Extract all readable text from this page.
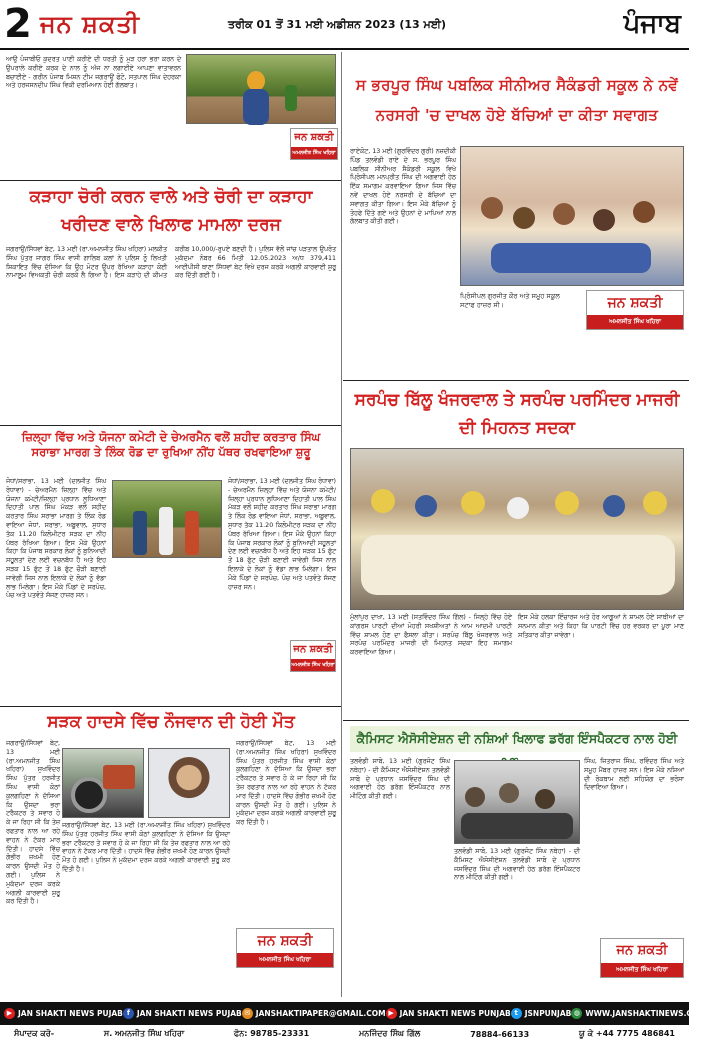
2 ਜਨ ਸ਼ਕਤੀ	ਤਰੀਕ 01 ਤੋਂ 31 ਮਈ ਅਡੀਸ਼ਨ 2023 (13 ਮਈ)	ਪੰਜਾਬ
ਆਉ ਪੰਜਾਬੀਓ ਕੁਦਰਤ ਪਾਣੀ ਕਰੀਏ ਦੀ ਧਰਤੀ ਨੂੰ ਮੁੜ ਹਰਾ ਭਰਾ ਕਰਨ ਦੇ ਉਪਰਾਲੇ ਕਰੀਏ ਕਰਕ ਦੇ ਨਾਲ ਨੂੰ ਅੱਜ ਨਾ ਲਗਾਈਏ ਆਪਣਾ ਵਾਤਾਵਰਨ ਬਚਾਈਏ - ਗਰੀਨ ਪੰਜਾਬ ਮਿਸ਼ਨ ਟੀਮ ਜਗਰਾਉਂ ਫੋਟੋ, ਸਤਪਾਲ ਸਿੰਘ ਦੇਹਰਕਾ ਅਤੇ ਹਰਜਸਨਦੀਪ ਸਿੰਘ ਵਿਕੀ ਦਰਮਿਆਨ ਹੋਈ ਗੱਲਬਾਤ।
ਜਨ ਸ਼ਕਤੀ
ਅਮਨਜੀਤ ਸਿੰਘ ਖਹਿਰਾ
ਕੜਾਹਾ ਚੋਰੀ ਕਰਨ ਵਾਲੇ ਅਤੇ ਚੋਰੀ ਦਾ ਕੜਾਹਾ ਖਰੀਦਣ ਵਾਲੇ ਖਿਲਾਫ ਮਾਮਲਾ ਦਰਜ
ਜਗਰਾਉਂ/ਸਿੱਧਵਾਂ ਬੇਟ, 13 ਮਈ (ਰਾ.ਅਮਨਜੀਤ ਸਿੰਘ ਖਹਿਰਾ) ਮਲਕੀਤ ਸਿੰਘ ਪੁੱਤਰ ਜਾਗਰ ਸਿੰਘ ਵਾਸੀ ਗਾਲਿਬ ਕਲਾਂ ਨੇ ਪੁਲਿਸ ਨੂੰ ਲਿਖਤੀ ਸ਼ਿਕਾਇਤ ਵਿੱਚ ਦੱਸਿਆ ਕਿ ਉਹ ਮੋਟਰ ਉਪਰ ਰੱਖਿਆ ਕੜਾਹਾ ਕੋਈ ਨਾਮਾਲੂਮ ਵਿਅਕਤੀ ਚੋਰੀ ਕਰਕੇ ਲੈ ਗਿਆ ਹੈ। ਇਸ ਕੜਾਹੇ ਦੀ ਕੀਮਤ ਕਰੀਬ 10,000/-ਰੁਪਏ ਬਣਦੀ ਹੈ। ਪੁਲਿਸ ਵੱਲੋਂ ਜਾਂਚ ਪੜਤਾਲ ਉਪਰੰਤ ਮੁਕੱਦਮਾ ਨੰਬਰ 66 ਮਿਤੀ 12.05.2023 ਅ/ਧ 379,411 ਆਈਪੀਸੀ ਥਾਣਾ ਸਿੱਧਵਾਂ ਬੇਟ ਵਿਖੇ ਦਰਜ ਕਰਕੇ ਅਗਲੀ ਕਾਰਵਾਈ ਸ਼ੁਰੂ ਕਰ ਦਿੱਤੀ ਗਈ ਹੈ।
ਜ਼ਿਲ੍ਹਾ ਵਿੱਚ ਅਤੇ ਯੋਜਨਾ ਕਮੇਟੀ ਦੇ ਚੇਅਰਮੈਨ ਵਲੋਂ ਸ਼ਹੀਦ ਕਰਤਾਰ ਸਿੰਘ ਸਰਾਭਾ ਮਾਰਗ ਤੇ ਲਿੰਕ ਰੋਡ ਦਾ ਰੁਖਿਆ ਨੀਂਹ ਪੱਥਰ ਰਖਵਾਇਆ ਸ਼ੁਰੂ
ਜੋਧਾਂ/ਸਰਾਭਾ, 13 ਮਈ (ਦਲਜੀਤ ਸਿੰਘ ਰੰਧਾਵਾ) - ਚੇਅਰਮੈਨ ਜ਼ਿਲ੍ਹਾ ਵਿੱਚ ਅਤੇ ਯੋਜਨਾ ਕਮੇਟੀ/ਜ਼ਿਲ੍ਹਾ ਪ੍ਰਧਾਨ ਲੁਧਿਆਣਾ ਦਿਹਾਤੀ ਪਾਲ ਸਿੰਘ ਮੱਕੜ ਵਲੋਂ ਸ਼ਹੀਦ ਕਰਤਾਰ ਸਿੰਘ ਸਰਾਭਾ ਮਾਰਗ ਤੇ ਲਿੰਕ ਰੋਡ ਵਾਇਆ ਜੋਧਾਂ, ਸਰਾਭਾ, ਅਬੂਵਾਲ, ਸੁਧਾਰ ਤੱਕ 11.20 ਕਿਲੋਮੀਟਰ ਸੜਕ ਦਾ ਨੀਂਹ ਪੱਥਰ ਰੱਖਿਆ ਗਿਆ। ਇਸ ਮੌਕੇ ਉਹਨਾਂ ਕਿਹਾ ਕਿ ਪੰਜਾਬ ਸਰਕਾਰ ਲੋਕਾਂ ਨੂੰ ਬੁਨਿਆਦੀ ਸਹੂਲਤਾਂ ਦੇਣ ਲਈ ਵਚਨਬੱਧ ਹੈ ਅਤੇ ਇਹ ਸੜਕ 15 ਫੁੱਟ ਤੋਂ 18 ਫੁੱਟ ਚੌੜੀ ਬਣਾਈ ਜਾਵੇਗੀ ਜਿਸ ਨਾਲ ਇਲਾਕੇ ਦੇ ਲੋਕਾਂ ਨੂੰ ਵੱਡਾ ਲਾਭ ਮਿਲੇਗਾ। ਇਸ ਮੌਕੇ ਪਿੰਡਾਂ ਦੇ ਸਰਪੰਚ, ਪੰਚ ਅਤੇ ਪਤਵੰਤੇ ਸੱਜਣ ਹਾਜ਼ਰ ਸਨ।
ਜੋਧਾਂ/ਸਰਾਭਾ, 13 ਮਈ (ਦਲਜੀਤ ਸਿੰਘ ਰੰਧਾਵਾ) - ਚੇਅਰਮੈਨ ਜ਼ਿਲ੍ਹਾ ਵਿੱਚ ਅਤੇ ਯੋਜਨਾ ਕਮੇਟੀ/ਜ਼ਿਲ੍ਹਾ ਪ੍ਰਧਾਨ ਲੁਧਿਆਣਾ ਦਿਹਾਤੀ ਪਾਲ ਸਿੰਘ ਮੱਕੜ ਵਲੋਂ ਸ਼ਹੀਦ ਕਰਤਾਰ ਸਿੰਘ ਸਰਾਭਾ ਮਾਰਗ ਤੇ ਲਿੰਕ ਰੋਡ ਵਾਇਆ ਜੋਧਾਂ, ਸਰਾਭਾ, ਅਬੂਵਾਲ, ਸੁਧਾਰ ਤੱਕ 11.20 ਕਿਲੋਮੀਟਰ ਸੜਕ ਦਾ ਨੀਂਹ ਪੱਥਰ ਰੱਖਿਆ ਗਿਆ। ਇਸ ਮੌਕੇ ਉਹਨਾਂ ਕਿਹਾ ਕਿ ਪੰਜਾਬ ਸਰਕਾਰ ਲੋਕਾਂ ਨੂੰ ਬੁਨਿਆਦੀ ਸਹੂਲਤਾਂ ਦੇਣ ਲਈ ਵਚਨਬੱਧ ਹੈ ਅਤੇ ਇਹ ਸੜਕ 15 ਫੁੱਟ ਤੋਂ 18 ਫੁੱਟ ਚੌੜੀ ਬਣਾਈ ਜਾਵੇਗੀ ਜਿਸ ਨਾਲ ਇਲਾਕੇ ਦੇ ਲੋਕਾਂ ਨੂੰ ਵੱਡਾ ਲਾਭ ਮਿਲੇਗਾ। ਇਸ ਮੌਕੇ ਪਿੰਡਾਂ ਦੇ ਸਰਪੰਚ, ਪੰਚ ਅਤੇ ਪਤਵੰਤੇ ਸੱਜਣ ਹਾਜ਼ਰ ਸਨ।
ਜਨ ਸ਼ਕਤੀ
ਅਮਨਜੀਤ ਸਿੰਘ ਖਹਿਰਾ
ਸੜਕ ਹਾਦਸੇ ਵਿੱਚ ਨੌਜਵਾਨ ਦੀ ਹੋਈ ਮੌਤ
ਜਗਰਾਉਂ/ਸਿੱਧਵਾਂ ਬੇਟ, 13 ਮਈ (ਰਾ.ਅਮਨਜੀਤ ਸਿੰਘ ਖਹਿਰਾ) ਸੁਖਵਿੰਦਰ ਸਿੰਘ ਪੁੱਤਰ ਹਰਜੀਤ ਸਿੰਘ ਵਾਸੀ ਕੋਠਾਂ ਕੁਲਗਹਿਣਾ ਨੇ ਦੱਸਿਆ ਕਿ ਉਸਦਾ ਭਰਾ ਟਰੈਕਟਰ ਤੇ ਸਵਾਰ ਹੋ ਕੇ ਜਾ ਰਿਹਾ ਸੀ ਕਿ ਤੇਜ਼ ਰਫਤਾਰ ਨਾਲ ਆ ਰਹੇ ਵਾਹਨ ਨੇ ਟੱਕਰ ਮਾਰ ਦਿੱਤੀ। ਹਾਦਸੇ ਵਿੱਚ ਗੰਭੀਰ ਜ਼ਖਮੀ ਹੋਣ ਕਾਰਨ ਉਸਦੀ ਮੌਤ ਹੋ ਗਈ। ਪੁਲਿਸ ਨੇ ਮੁਕੱਦਮਾ ਦਰਜ ਕਰਕੇ ਅਗਲੀ ਕਾਰਵਾਈ ਸ਼ੁਰੂ ਕਰ ਦਿੱਤੀ ਹੈ।
ਜਗਰਾਉਂ/ਸਿੱਧਵਾਂ ਬੇਟ, 13 ਮਈ (ਰਾ.ਅਮਨਜੀਤ ਸਿੰਘ ਖਹਿਰਾ) ਸੁਖਵਿੰਦਰ ਸਿੰਘ ਪੁੱਤਰ ਹਰਜੀਤ ਸਿੰਘ ਵਾਸੀ ਕੋਠਾਂ ਕੁਲਗਹਿਣਾ ਨੇ ਦੱਸਿਆ ਕਿ ਉਸਦਾ ਭਰਾ ਟਰੈਕਟਰ ਤੇ ਸਵਾਰ ਹੋ ਕੇ ਜਾ ਰਿਹਾ ਸੀ ਕਿ ਤੇਜ਼ ਰਫਤਾਰ ਨਾਲ ਆ ਰਹੇ ਵਾਹਨ ਨੇ ਟੱਕਰ ਮਾਰ ਦਿੱਤੀ। ਹਾਦਸੇ ਵਿੱਚ ਗੰਭੀਰ ਜ਼ਖਮੀ ਹੋਣ ਕਾਰਨ ਉਸਦੀ ਮੌਤ ਹੋ ਗਈ। ਪੁਲਿਸ ਨੇ ਮੁਕੱਦਮਾ ਦਰਜ ਕਰਕੇ ਅਗਲੀ ਕਾਰਵਾਈ ਸ਼ੁਰੂ ਕਰ ਦਿੱਤੀ ਹੈ।
ਜਗਰਾਉਂ/ਸਿੱਧਵਾਂ ਬੇਟ, 13 ਮਈ (ਰਾ.ਅਮਨਜੀਤ ਸਿੰਘ ਖਹਿਰਾ) ਸੁਖਵਿੰਦਰ ਸਿੰਘ ਪੁੱਤਰ ਹਰਜੀਤ ਸਿੰਘ ਵਾਸੀ ਕੋਠਾਂ ਕੁਲਗਹਿਣਾ ਨੇ ਦੱਸਿਆ ਕਿ ਉਸਦਾ ਭਰਾ ਟਰੈਕਟਰ ਤੇ ਸਵਾਰ ਹੋ ਕੇ ਜਾ ਰਿਹਾ ਸੀ ਕਿ ਤੇਜ਼ ਰਫਤਾਰ ਨਾਲ ਆ ਰਹੇ ਵਾਹਨ ਨੇ ਟੱਕਰ ਮਾਰ ਦਿੱਤੀ। ਹਾਦਸੇ ਵਿੱਚ ਗੰਭੀਰ ਜ਼ਖਮੀ ਹੋਣ ਕਾਰਨ ਉਸਦੀ ਮੌਤ ਹੋ ਗਈ। ਪੁਲਿਸ ਨੇ ਮੁਕੱਦਮਾ ਦਰਜ ਕਰਕੇ ਅਗਲੀ ਕਾਰਵਾਈ ਸ਼ੁਰੂ ਕਰ ਦਿੱਤੀ ਹੈ।
ਜਨ ਸ਼ਕਤੀ
ਅਮਨਜੀਤ ਸਿੰਘ ਖਹਿਰਾ
ਸ ਭਰਪੂਰ ਸਿੰਘ ਪਬਲਿਕ ਸੀਨੀਅਰ ਸੈਕੰਡਰੀ ਸਕੂਲ ਨੇ ਨਵੇਂ ਨਰਸਰੀ 'ਚ ਦਾਖਲ ਹੋਏ ਬੱਚਿਆਂ ਦਾ ਕੀਤਾ ਸਵਾਗਤ
ਰਾਏਕੋਟ, 13 ਮਈ (ਗੁਰਵਿੰਦਰ ਗੁਰੀ) ਨਜ਼ਦੀਕੀ ਪਿੰਡ ਤਲਵੰਡੀ ਰਾਏ ਦੇ ਸ. ਭਰਪੂਰ ਸਿੰਘ ਪਬਲਿਕ ਸੀਨੀਅਰ ਸੈਕੰਡਰੀ ਸਕੂਲ ਵਿਖੇ ਪ੍ਰਿੰਸੀਪਲ ਮਨਪ੍ਰੀਤ ਸਿੰਘ ਦੀ ਅਗਵਾਈ ਹੇਠ ਇੱਕ ਸਮਾਗਮ ਕਰਵਾਇਆ ਗਿਆ ਜਿਸ ਵਿੱਚ ਨਵੇਂ ਦਾਖਲ ਹੋਏ ਨਰਸਰੀ ਦੇ ਬੱਚਿਆਂ ਦਾ ਸਵਾਗਤ ਕੀਤਾ ਗਿਆ। ਇਸ ਮੌਕੇ ਬੱਚਿਆਂ ਨੂੰ ਤੋਹਫੇ ਦਿੱਤੇ ਗਏ ਅਤੇ ਉਹਨਾਂ ਦੇ ਮਾਪਿਆਂ ਨਾਲ ਗੱਲਬਾਤ ਕੀਤੀ ਗਈ।
ਪ੍ਰਿੰਸੀਪਲ ਗੁਰਜੀਤ ਕੌਰ ਅਤੇ ਸਮੂਹ ਸਕੂਲ ਸਟਾਫ ਹਾਜ਼ਰ ਸੀ।	ਜਨ ਸ਼ਕਤੀ
ਅਮਨਜੀਤ ਸਿੰਘ ਖਹਿਰਾ
ਸਰਪੰਚ ਬਿੱਲੂ ਖੰਜਰਵਾਲ ਤੇ ਸਰਪੰਚ ਪਰਮਿੰਦਰ ਮਾਜਰੀ ਦੀ ਮਿਹਨਤ ਸਦਕਾ
ਮੁੱਲਾਂਪੁਰ ਦਾਖਾ, 13 ਮਈ (ਸਤਵਿੰਦਰ ਸਿੰਘ ਗਿੱਲ) - ਜਿਲ੍ਹੇ ਵਿੱਚ ਹੋਏ ਕਾਂਗਰਸ ਪਾਰਟੀ ਦੀਆਂ ਮੋਹਰੀ ਸਖਸ਼ੀਅਤਾਂ ਨੇ ਆਮ ਆਦਮੀ ਪਾਰਟੀ ਵਿੱਚ ਸ਼ਾਮਲ ਹੋਣ ਦਾ ਫੈਸਲਾ ਕੀਤਾ। ਸਰਪੰਚ ਬਿੱਲੂ ਖੰਜਰਵਾਲ ਅਤੇ ਸਰਪੰਚ ਪਰਮਿੰਦਰ ਮਾਜਰੀ ਦੀ ਮਿਹਨਤ ਸਦਕਾ ਇਹ ਸਮਾਗਮ ਕਰਵਾਇਆ ਗਿਆ।
ਇਸ ਮੌਕੇ ਹਲਕਾ ਇੰਚਾਰਜ ਅਤੇ ਹੋਰ ਆਗੂਆਂ ਨੇ ਸ਼ਾਮਲ ਹੋਏ ਸਾਥੀਆਂ ਦਾ ਸਨਮਾਨ ਕੀਤਾ ਅਤੇ ਕਿਹਾ ਕਿ ਪਾਰਟੀ ਵਿੱਚ ਹਰ ਵਰਕਰ ਦਾ ਪੂਰਾ ਮਾਣ ਸਤਿਕਾਰ ਕੀਤਾ ਜਾਵੇਗਾ।
ਕੈਮਿਸਟ ਐਸੋਸੀਏਸ਼ਨ ਦੀ ਨਸ਼ਿਆਂ ਖਿਲਾਫ ਡਰੱਗ ਇੰਸਪੈਕਟਰ ਨਾਲ ਹੋਈ
ਤਲਵੰਡੀ ਸਾਬੋ, 13 ਮਈ (ਗੁਰਜੰਟ ਸਿੰਘ ਨਥੇਹਾ) - ਦੀ ਕੈਮਿਸਟ ਐਸੋਸੀਏਸ਼ਨ ਤਲਵੰਡੀ ਸਾਬੋ ਦੇ ਪ੍ਰਧਾਨ ਜਸਵਿੰਦਰ ਸਿੰਘ ਦੀ ਅਗਵਾਈ ਹੇਠ ਡਰੱਗ ਇੰਸਪੈਕਟਰ ਨਾਲ ਮੀਟਿੰਗ ਕੀਤੀ ਗਈ।
ਤਲਵੰਡੀ ਸਾਬੋ, 13 ਮਈ (ਗੁਰਜੰਟ ਸਿੰਘ ਨਥੇਹਾ) - ਦੀ ਕੈਮਿਸਟ ਐਸੋਸੀਏਸ਼ਨ ਤਲਵੰਡੀ ਸਾਬੋ ਦੇ ਪ੍ਰਧਾਨ ਜਸਵਿੰਦਰ ਸਿੰਘ ਦੀ ਅਗਵਾਈ ਹੇਠ ਡਰੱਗ ਇੰਸਪੈਕਟਰ ਨਾਲ ਮੀਟਿੰਗ ਕੀਤੀ ਗਈ।
ਸਿੰਘ, ਜਿਤਰਾਜ ਸਿੰਘ, ਰਵਿੰਦਰ ਸਿੰਘ ਅਤੇ ਸਮੂਹ ਮੈਂਬਰ ਹਾਜ਼ਰ ਸਨ। ਇਸ ਮੌਕੇ ਨਸ਼ਿਆਂ ਦੀ ਰੋਕਥਾਮ ਲਈ ਸਹਿਯੋਗ ਦਾ ਭਰੋਸਾ ਦਿਵਾਇਆ ਗਿਆ।
ਜਨ ਸ਼ਕਤੀ
ਅਮਨਜੀਤ ਸਿੰਘ ਖਹਿਰਾ
▶ JAN SHAKTI NEWS PUJAB f JAN SHAKTI NEWS PUJAB ✉ JANSHAKTIPAPER@GMAIL.COM ▶ JAN SHAKTI NEWS PUNJAB t JSNPUNJAB ◍ WWW.JANSHAKTINEWS.COM
ਸੰਪਾਦਕ ਕਰੋ-	ਸ. ਅਮਨਜੀਤ ਸਿੰਘ ਖਹਿਰਾ	ਫੋਨ: 98785-23331	ਮਨਜਿੰਦਰ ਸਿੰਘ ਗਿੱਲ	78884-66133	ਯੂ ਕੇ +44 7775 486841
